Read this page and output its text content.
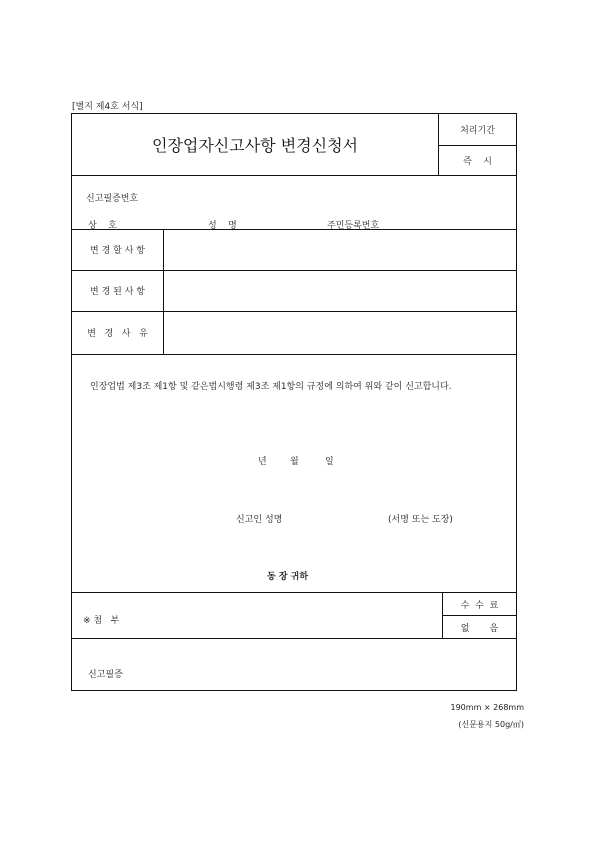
[별지 제4호 서식]
인장업자신고사항 변경신청서
처리기간
즉    시
신고필증번호
상    호	성    명	주민등록번호
변 경 할 사 항
변 경 된 사 항
변   경   사   유
인장업법 제3조 제1항 및 같은법시행령 제3조 제1항의 규정에 의하여 위와 같이 신고합니다.
년	월	일
신고인 성명	(서명 또는 도장)
동 장 귀하
※ 첨   부
수  수  료
없       음
신고필증
190mm × 268mm
(신문용지 50g/㎡)
